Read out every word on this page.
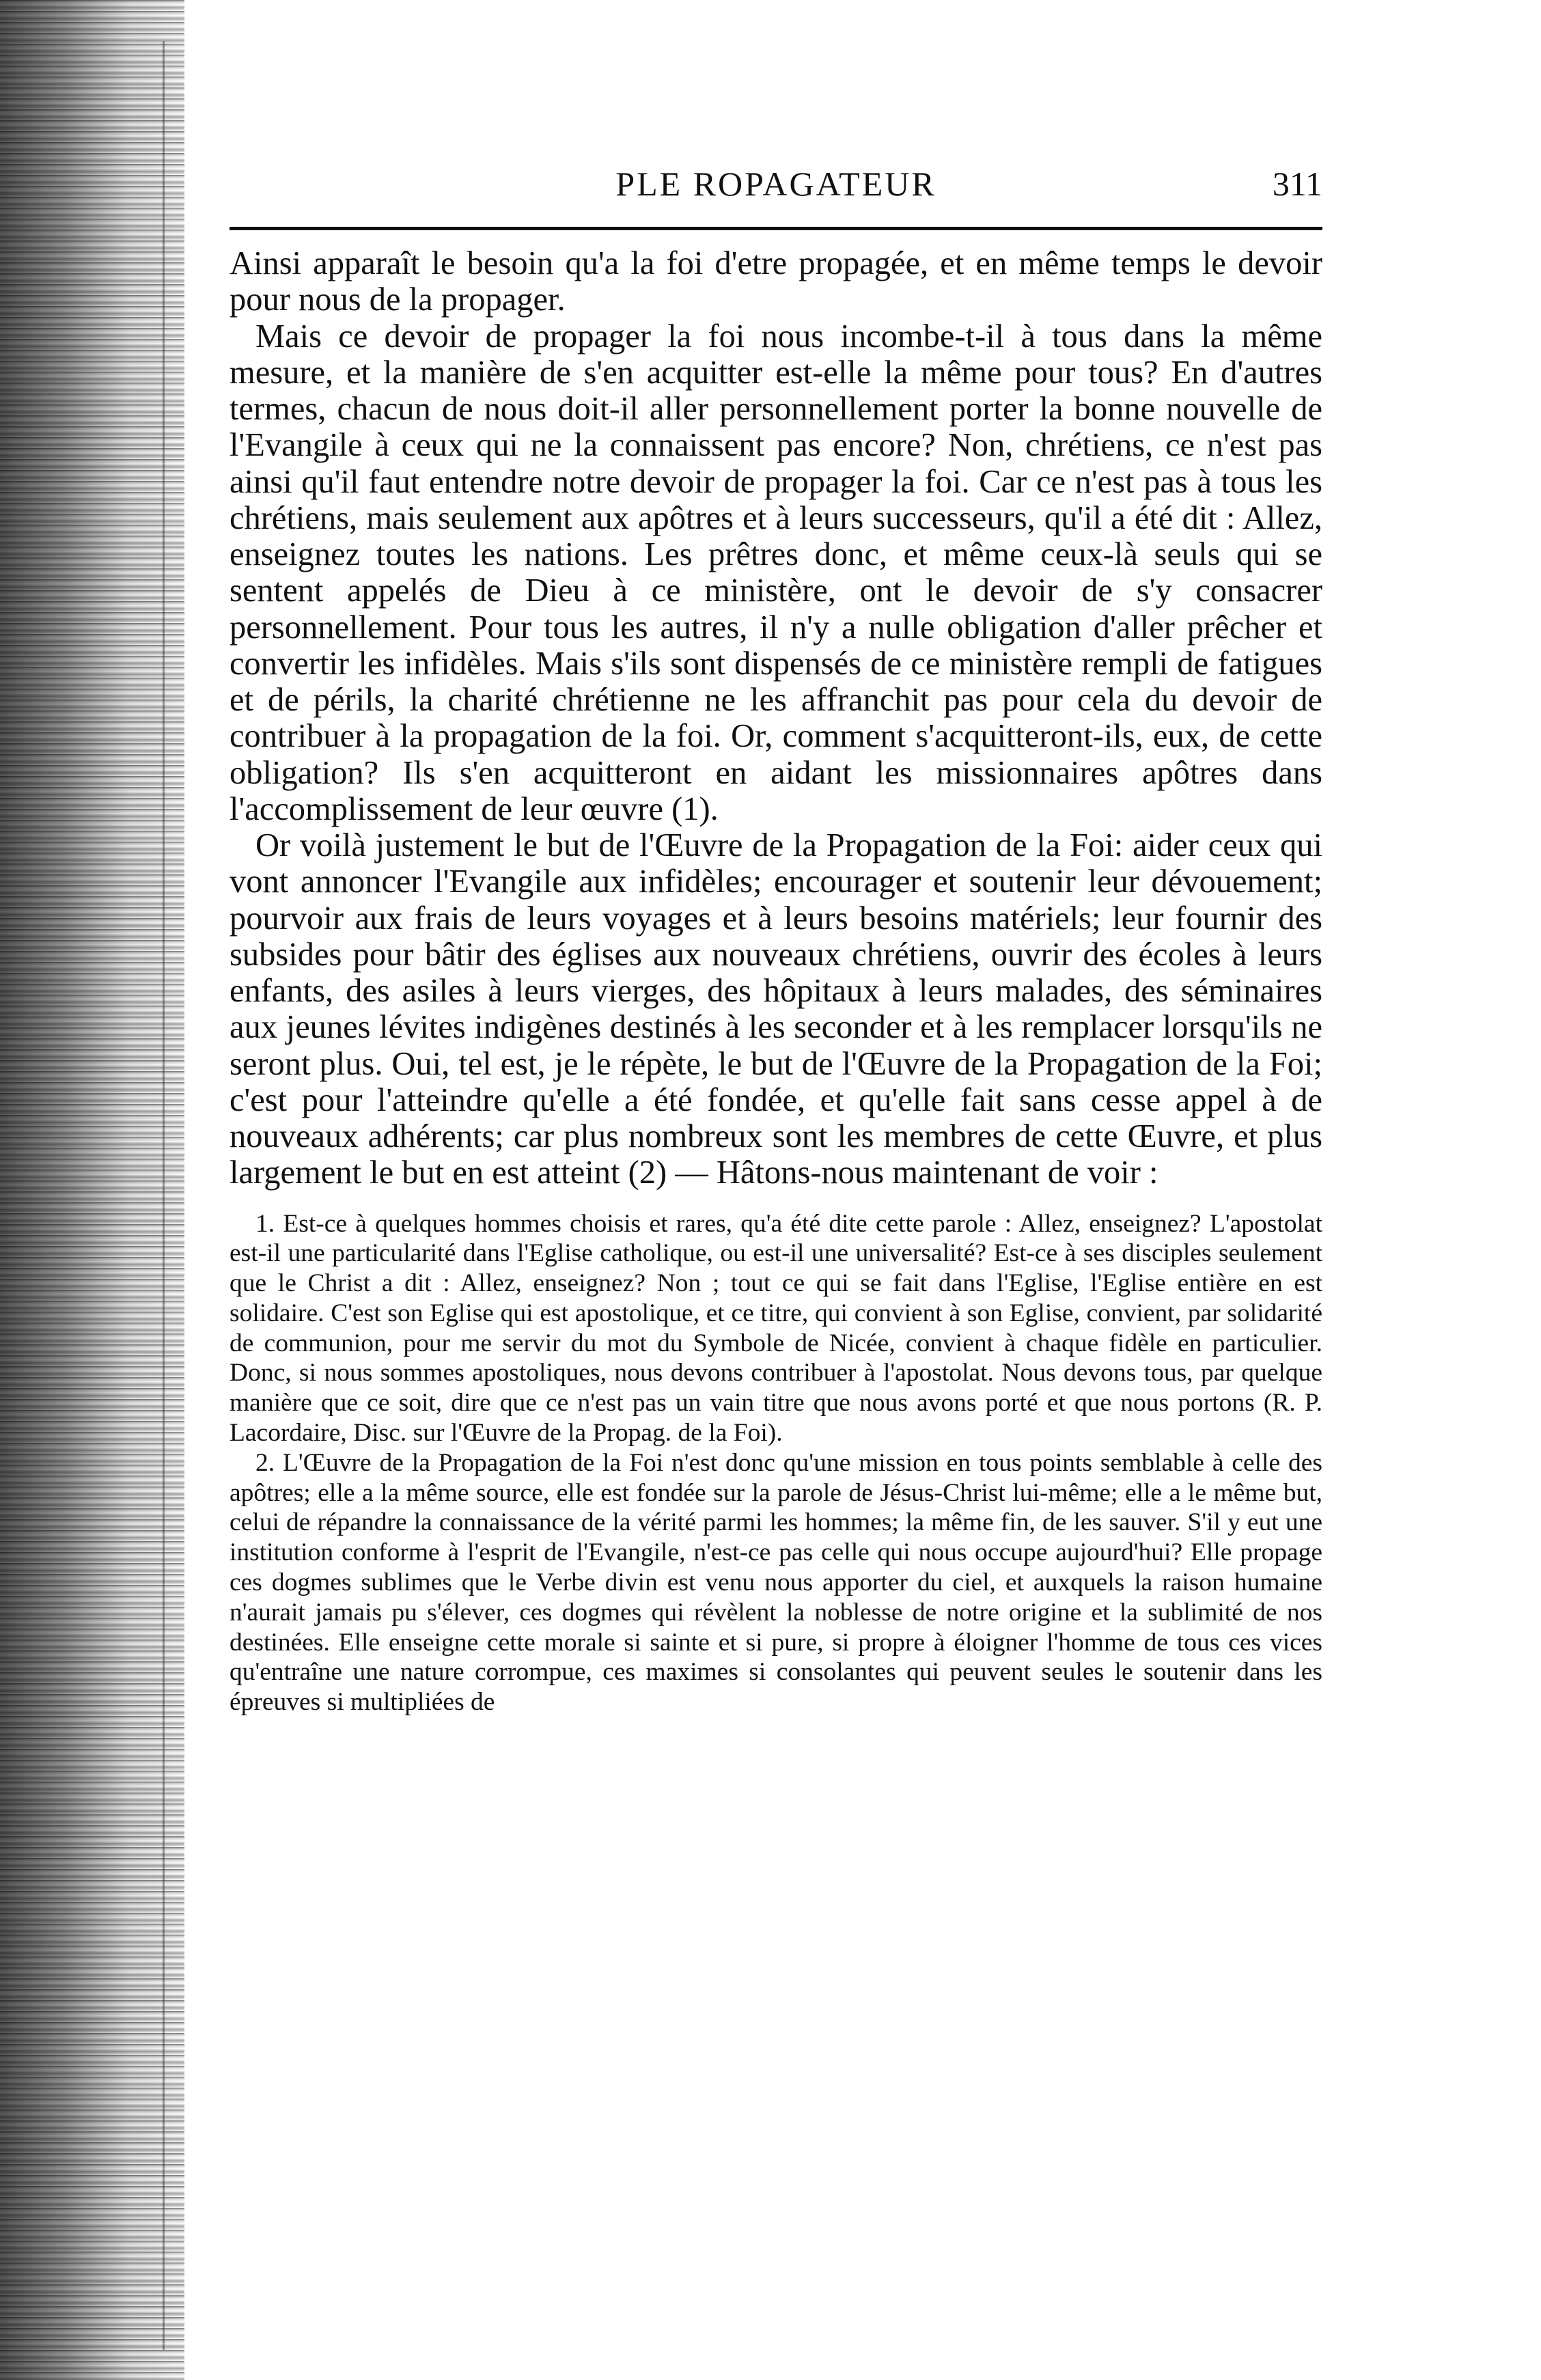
PLE ROPAGATEUR	311

Ainsi apparaît le besoin qu'a la foi d'etre propagée, et en même temps le devoir pour nous de la propager.

Mais ce devoir de propager la foi nous incombe-t-il à tous dans la même mesure, et la manière de s'en acquitter est-elle la même pour tous? En d'autres termes, chacun de nous doit-il aller personnellement porter la bonne nouvelle de l'Evangile à ceux qui ne la connaissent pas encore? Non, chrétiens, ce n'est pas ainsi qu'il faut entendre notre devoir de propager la foi. Car ce n'est pas à tous les chrétiens, mais seulement aux apôtres et à leurs successeurs, qu'il a été dit : Allez, enseignez toutes les nations. Les prêtres donc, et même ceux-là seuls qui se sentent appelés de Dieu à ce ministère, ont le devoir de s'y consacrer personnellement. Pour tous les autres, il n'y a nulle obligation d'aller prêcher et convertir les infidèles. Mais s'ils sont dispensés de ce ministère rempli de fatigues et de périls, la charité chrétienne ne les affranchit pas pour cela du devoir de contribuer à la propagation de la foi. Or, comment s'acquitteront-ils, eux, de cette obligation? Ils s'en acquitteront en aidant les missionnaires apôtres dans l'accomplissement de leur œuvre (1).

Or voilà justement le but de l'Œuvre de la Propagation de la Foi: aider ceux qui vont annoncer l'Evangile aux infidèles; encourager et soutenir leur dévouement; pourvoir aux frais de leurs voyages et à leurs besoins matériels; leur fournir des subsides pour bâtir des églises aux nouveaux chrétiens, ouvrir des écoles à leurs enfants, des asiles à leurs vierges, des hôpitaux à leurs malades, des séminaires aux jeunes lévites indigènes destinés à les seconder et à les remplacer lorsqu'ils ne seront plus. Oui, tel est, je le répète, le but de l'Œuvre de la Propagation de la Foi; c'est pour l'atteindre qu'elle a été fondée, et qu'elle fait sans cesse appel à de nouveaux adhérents; car plus nombreux sont les membres de cette Œuvre, et plus largement le but en est atteint (2) — Hâtons-nous maintenant de voir :

1. Est-ce à quelques hommes choisis et rares, qu'a été dite cette parole : Allez, enseignez? L'apostolat est-il une particularité dans l'Eglise catholique, ou est-il une universalité? Est-ce à ses disciples seulement que le Christ a dit : Allez, enseignez? Non ; tout ce qui se fait dans l'Eglise, l'Eglise entière en est solidaire. C'est son Eglise qui est apostolique, et ce titre, qui convient à son Eglise, convient, par solidarité de communion, pour me servir du mot du Symbole de Nicée, convient à chaque fidèle en particulier. Donc, si nous sommes apostoliques, nous devons contribuer à l'apostolat. Nous devons tous, par quelque manière que ce soit, dire que ce n'est pas un vain titre que nous avons porté et que nous portons (R. P. Lacordaire, Disc. sur l'Œuvre de la Propag. de la Foi).

2. L'Œuvre de la Propagation de la Foi n'est donc qu'une mission en tous points semblable à celle des apôtres; elle a la même source, elle est fondée sur la parole de Jésus-Christ lui-même; elle a le même but, celui de répandre la connaissance de la vérité parmi les hommes; la même fin, de les sauver. S'il y eut une institution conforme à l'esprit de l'Evangile, n'est-ce pas celle qui nous occupe aujourd'hui? Elle propage ces dogmes sublimes que le Verbe divin est venu nous apporter du ciel, et auxquels la raison humaine n'aurait jamais pu s'élever, ces dogmes qui révèlent la noblesse de notre origine et la sublimité de nos destinées. Elle enseigne cette morale si sainte et si pure, si propre à éloigner l'homme de tous ces vices qu'entraîne une nature corrompue, ces maximes si consolantes qui peuvent seules le soutenir dans les épreuves si multipliées de
